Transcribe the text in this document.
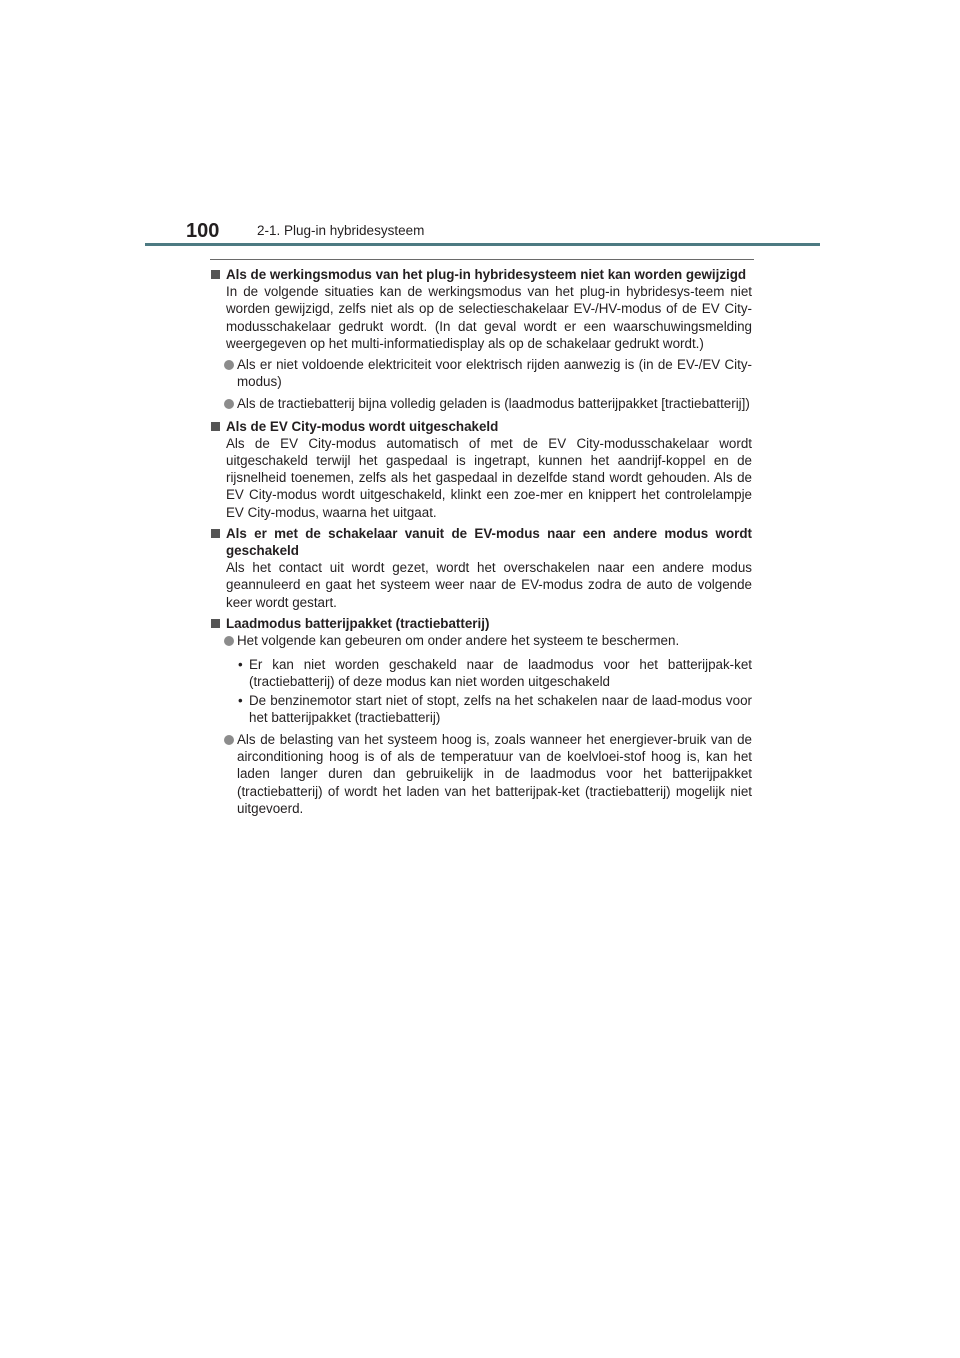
100	2-1. Plug-in hybridesysteem
Als de werkingsmodus van het plug-in hybridesysteem niet kan worden gewijzigd
In de volgende situaties kan de werkingsmodus van het plug-in hybridesys-teem niet worden gewijzigd, zelfs niet als op de selectieschakelaar EV-/HV-modus of de EV City-modusschakelaar gedrukt wordt. (In dat geval wordt er een waarschuwingsmelding weergegeven op het multi-informatiedisplay als op de schakelaar gedrukt wordt.)
Als er niet voldoende elektriciteit voor elektrisch rijden aanwezig is (in de EV-/EV City-modus)
Als de tractiebatterij bijna volledig geladen is (laadmodus batterijpakket [tractiebatterij])
Als de EV City-modus wordt uitgeschakeld
Als de EV City-modus automatisch of met de EV City-modusschakelaar wordt uitgeschakeld terwijl het gaspedaal is ingetrapt, kunnen het aandrijf-koppel en de rijsnelheid toenemen, zelfs als het gaspedaal in dezelfde stand wordt gehouden. Als de EV City-modus wordt uitgeschakeld, klinkt een zoe-mer en knippert het controlelampje EV City-modus, waarna het uitgaat.
Als er met de schakelaar vanuit de EV-modus naar een andere modus wordt geschakeld
Als het contact uit wordt gezet, wordt het overschakelen naar een andere modus geannuleerd en gaat het systeem weer naar de EV-modus zodra de auto de volgende keer wordt gestart.
Laadmodus batterijpakket (tractiebatterij)
Het volgende kan gebeuren om onder andere het systeem te beschermen.
• Er kan niet worden geschakeld naar de laadmodus voor het batterijpak-ket (tractiebatterij) of deze modus kan niet worden uitgeschakeld
• De benzinemotor start niet of stopt, zelfs na het schakelen naar de laad-modus voor het batterijpakket (tractiebatterij)
Als de belasting van het systeem hoog is, zoals wanneer het energiever-bruik van de airconditioning hoog is of als de temperatuur van de koelvloei-stof hoog is, kan het laden langer duren dan gebruikelijk in de laadmodus voor het batterijpakket (tractiebatterij) of wordt het laden van het batterijpak-ket (tractiebatterij) mogelijk niet uitgevoerd.
